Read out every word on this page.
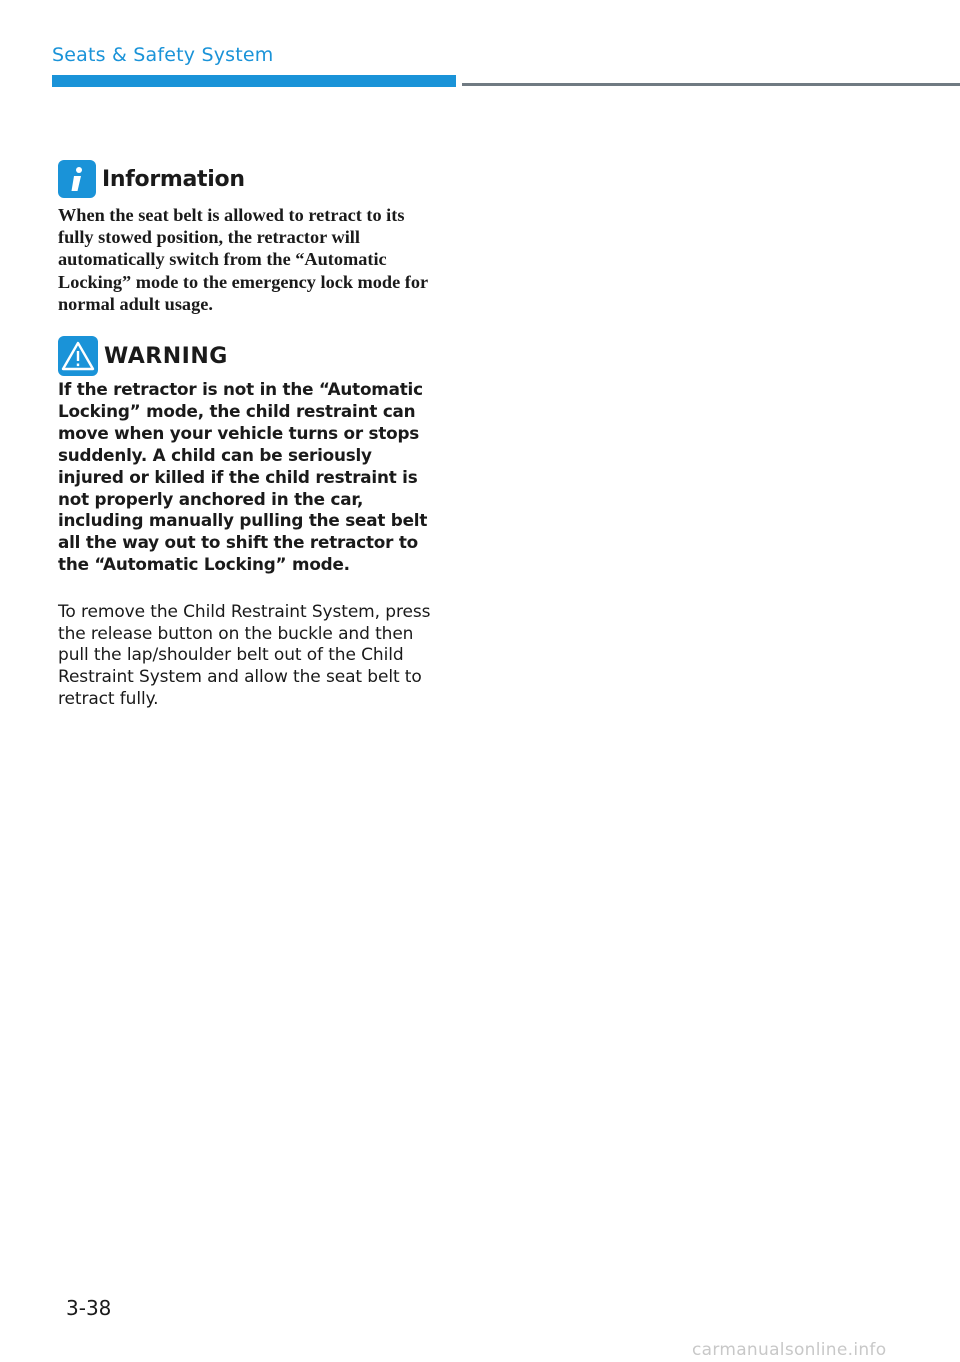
Seats & Safety System
Information

When the seat belt is allowed to retract to its fully stowed position, the retractor will automatically switch from the “Automatic Locking” mode to the emergency lock mode for normal adult usage.

WARNING

If the retractor is not in the “Automatic Locking” mode, the child restraint can move when your vehicle turns or stops suddenly. A child can be seriously injured or killed if the child restraint is not properly anchored in the car, including manually pulling the seat belt all the way out to shift the retractor to the “Automatic Locking” mode.

To remove the Child Restraint System, press the release button on the buckle and then pull the lap/shoulder belt out of the Child Restraint System and allow the seat belt to retract fully.

3-38
carmanualsonline.info
